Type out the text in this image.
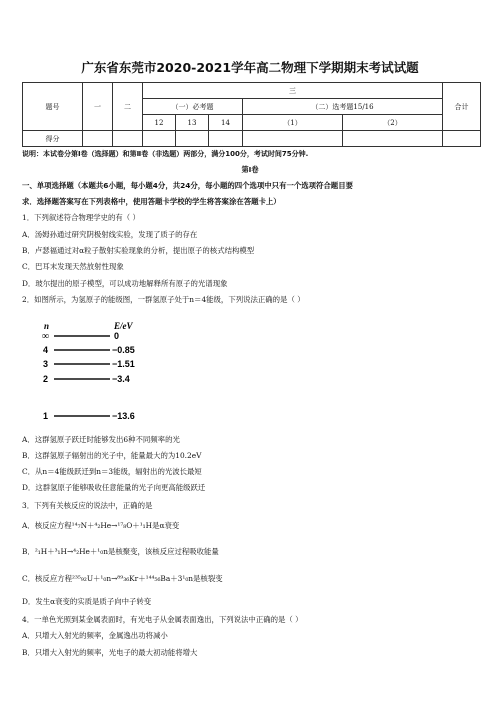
广东省东莞市2020-2021学年高二物理下学期期末考试试题
题号	一	二	三					合计
			（一）必考题			（二）选考题15/16		
			12	13	14	（1）	（2）	
得分								
说明：本试卷分第Ⅰ卷（选择题）和第Ⅱ卷（非选题）两部分，满分100分，考试时间75分钟.
第Ⅰ卷
一、单项选择题（本题共6小题，每小题4分，共24分，每小题的四个选项中只有一个选项符合题目要
求．选择题答案写在下列表格中，使用答题卡学校的学生将答案涂在答题卡上）
1．下列叙述符合物理学史的有（ ）
A．汤姆孙通过研究阴极射线实验，发现了质子的存在
B．卢瑟福通过对α粒子散射实验现象的分析，提出原子的核式结构模型
C．巴耳末发现天然放射性现象
D．玻尔提出的原子模型，可以成功地解释所有原子的光谱现象
2．如图所示，为氢原子的能级图，一群氢原子处于n＝4能级，下列说法正确的是（ ）
n	E/eV
∞	0
4	−0.85
3	−1.51
2	−3.4
1	−13.6
A．这群氢原子跃迁时能够发出6种不同频率的光
B．这群氢原子辐射出的光子中，能量最大的为10.2eV
C．从n＝4能级跃迁到n＝3能级，辐射出的光波长最短
D．这群氢原子能够吸收任意能量的光子向更高能级跃迁
3．下列有关核反应的说法中，正确的是
A．核反应方程¹⁴₇N＋⁴₂He→¹⁷₈O＋¹₁H是α衰变
B．²₁H＋³₁H→⁴₂He＋¹₀n是核聚变，该核反应过程吸收能量
C．核反应方程²³⁵₉₂U＋¹₀n→⁸⁹₃₆Kr＋¹⁴⁴₅₆Ba＋3¹₀n是核裂变
D．发生α衰变的实质是质子向中子转变
4．一单色光照到某金属表面时，有光电子从金属表面逸出，下列说法中正确的是（ ）
A．只增大入射光的频率，金属逸出功将减小
B．只增大入射光的频率，光电子的最大初动能将增大
